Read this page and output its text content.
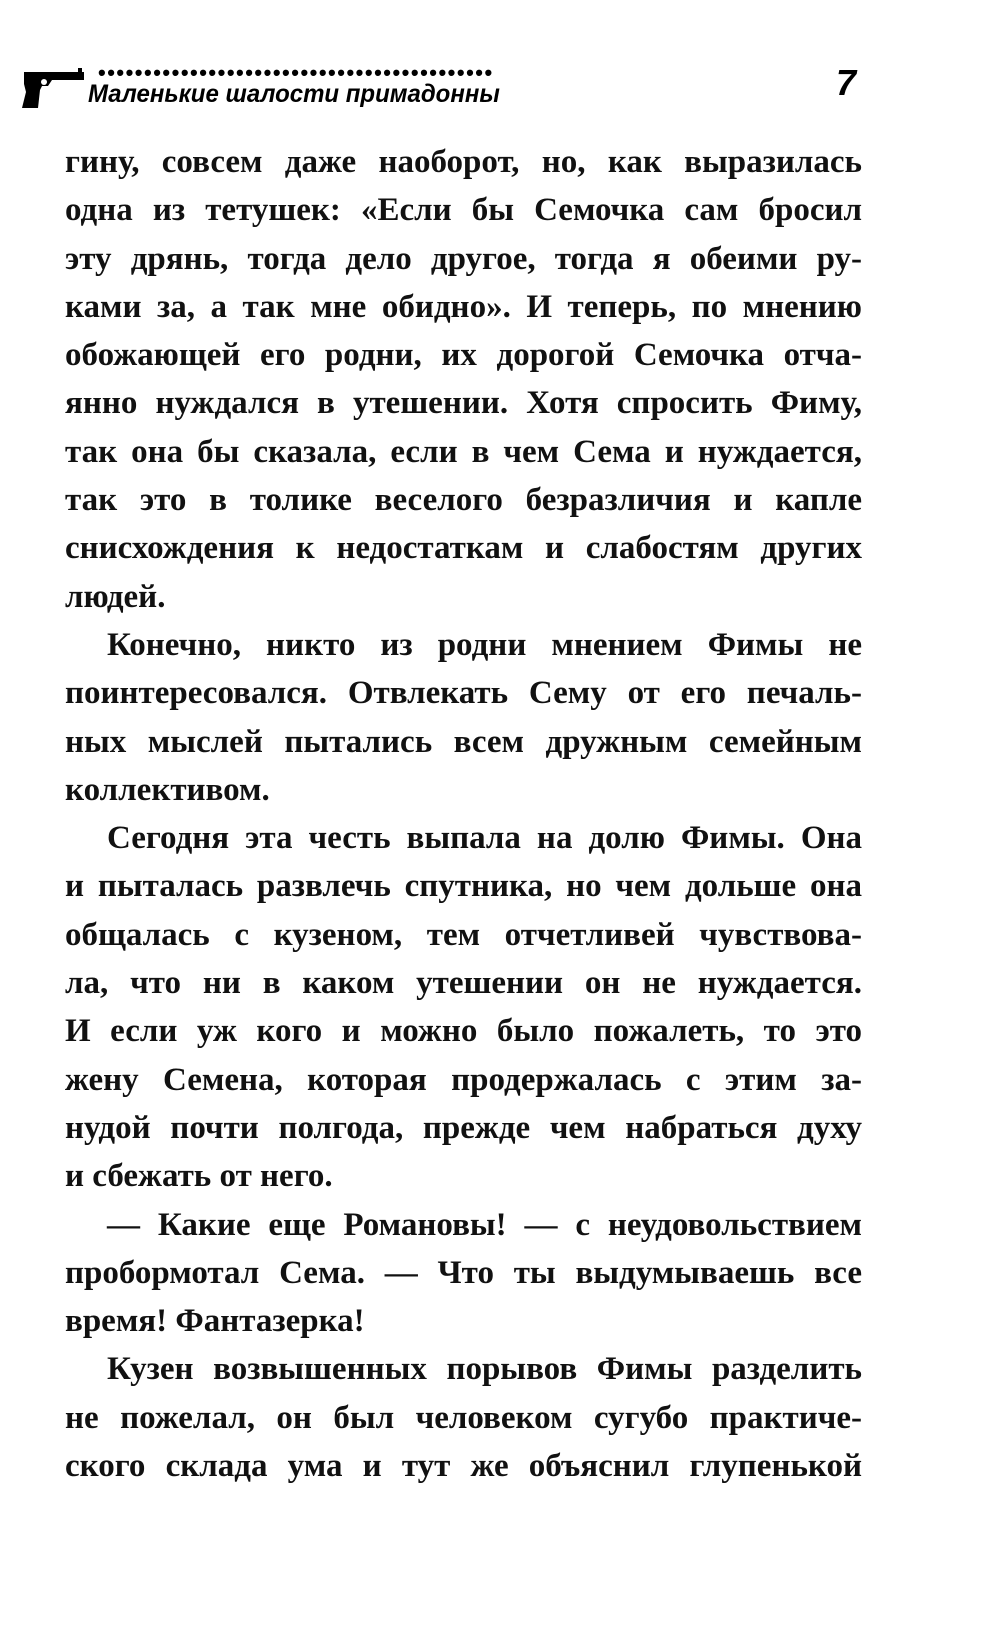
•••••••••••••••••••••••••••••••••••••••••••
Маленькие шалости примадонны	7
гину, совсем даже наоборот, но, как выразилась
одна из тетушек: «Если бы Семочка сам бросил
эту дрянь, тогда дело другое, тогда я обеими ру-
ками за, а так мне обидно». И теперь, по мнению
обожающей его родни, их дорогой Семочка отча-
янно нуждался в утешении. Хотя спросить Фиму,
так она бы сказала, если в чем Сема и нуждается,
так это в толике веселого безразличия и капле
снисхождения к недостаткам и слабостям других
людей.
Конечно, никто из родни мнением Фимы не
поинтересовался. Отвлекать Сему от его печаль-
ных мыслей пытались всем дружным семейным
коллективом.
Сегодня эта честь выпала на долю Фимы. Она
и пыталась развлечь спутника, но чем дольше она
общалась с кузеном, тем отчетливей чувствова-
ла, что ни в каком утешении он не нуждается.
И если уж кого и можно было пожалеть, то это
жену Семена, которая продержалась с этим за-
нудой почти полгода, прежде чем набраться духу
и сбежать от него.
— Какие еще Романовы! — с неудовольствием
пробормотал Сема. — Что ты выдумываешь все
время! Фантазерка!
Кузен возвышенных порывов Фимы разделить
не пожелал, он был человеком сугубо практиче-
ского склада ума и тут же объяснил глупенькой
